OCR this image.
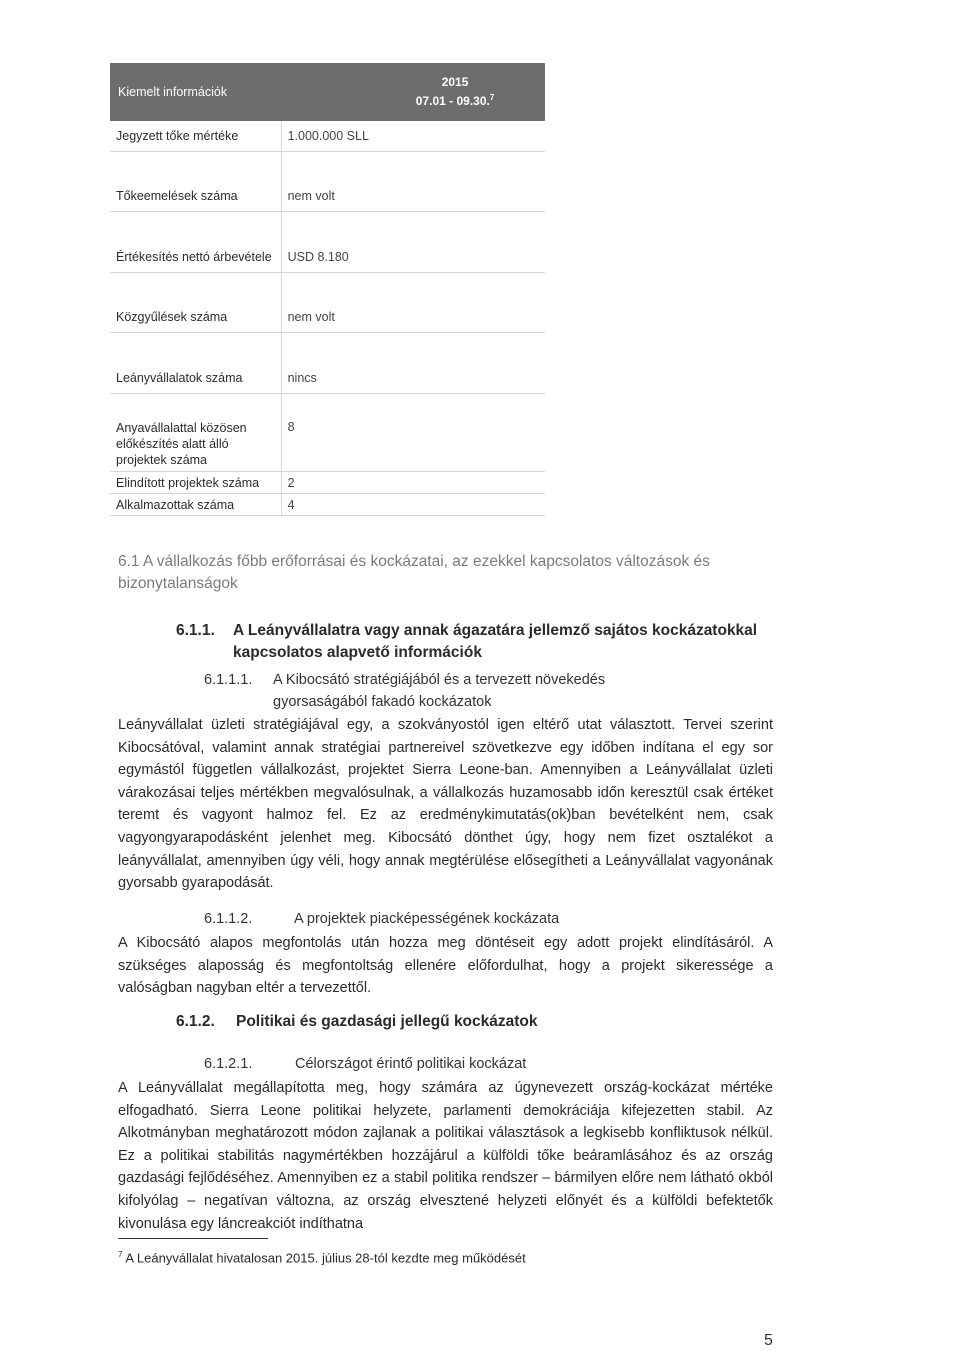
Kiemelt információk	2015
07.01 - 09.30.$^7$

Jegyzett tőke mértéke	1.000.000 SLL

Tőkeemelések száma	nem volt

Értékesítés nettó árbevétele	USD 8.180

Közgyűlések száma	nem volt

Leányvállalatok száma	nincs

Anyavállalattal közösen előkészítés alatt álló projektek száma	8
Elindított projektek száma	2
Alkalmazottak száma	4
6.1 A vállalkozás főbb erőforrásai és kockázatai, az ezekkel kapcsolatos változások és bizonytalanságok
6.1.1. A Leányvállalatra vagy annak ágazatára jellemző sajátos kockázatokkal kapcsolatos alapvető információk
6.1.1.1. A Kibocsátó stratégiájából és a tervezett növekedés gyorsaságából fakadó kockázatok
Leányvállalat üzleti stratégiájával egy, a szokványostól igen eltérő utat választott. Tervei szerint Kibocsátóval, valamint annak stratégiai partnereivel szövetkezve egy időben indítana el egy sor egymástól független vállalkozást, projektet Sierra Leone-ban. Amennyiben a Leányvállalat üzleti várakozásai teljes mértékben megvalósulnak, a vállalkozás huzamosabb időn keresztül csak értéket teremt és vagyont halmoz fel. Ez az eredménykimutatás(ok)ban bevételként nem, csak vagyongyarapodásként jelenhet meg. Kibocsátó dönthet úgy, hogy nem fizet osztalékot a leányvállalat, amennyiben úgy véli, hogy annak megtérülése elősegítheti a Leányvállalat vagyonának gyorsabb gyarapodását.
6.1.1.2.	A projektek piacképességének kockázata
A Kibocsátó alapos megfontolás után hozza meg döntéseit egy adott projekt elindításáról. A szükséges alaposság és megfontoltság ellenére előfordulhat, hogy a projekt sikeressége a valóságban nagyban eltér a tervezettől.
6.1.2. Politikai és gazdasági jellegű kockázatok
6.1.2.1.	Célországot érintő politikai kockázat
A Leányvállalat megállapította meg, hogy számára az úgynevezett ország-kockázat mértéke elfogadható. Sierra Leone politikai helyzete, parlamenti demokráciája kifejezetten stabil. Az Alkotmányban meghatározott módon zajlanak a politikai választások a legkisebb konfliktusok nélkül. Ez a politikai stabilitás nagymértékben hozzájárul a külföldi tőke beáramlásához és az ország gazdasági fejlődéséhez. Amennyiben ez a stabil politika rendszer – bármilyen előre nem látható okból kifolyólag – negatívan változna, az ország elvesztené helyzeti előnyét és a külföldi befektetők kivonulása egy láncreakciót indíthatna
$^7$ A Leányvállalat hivatalosan 2015. július 28-tól kezdte meg működését
5
